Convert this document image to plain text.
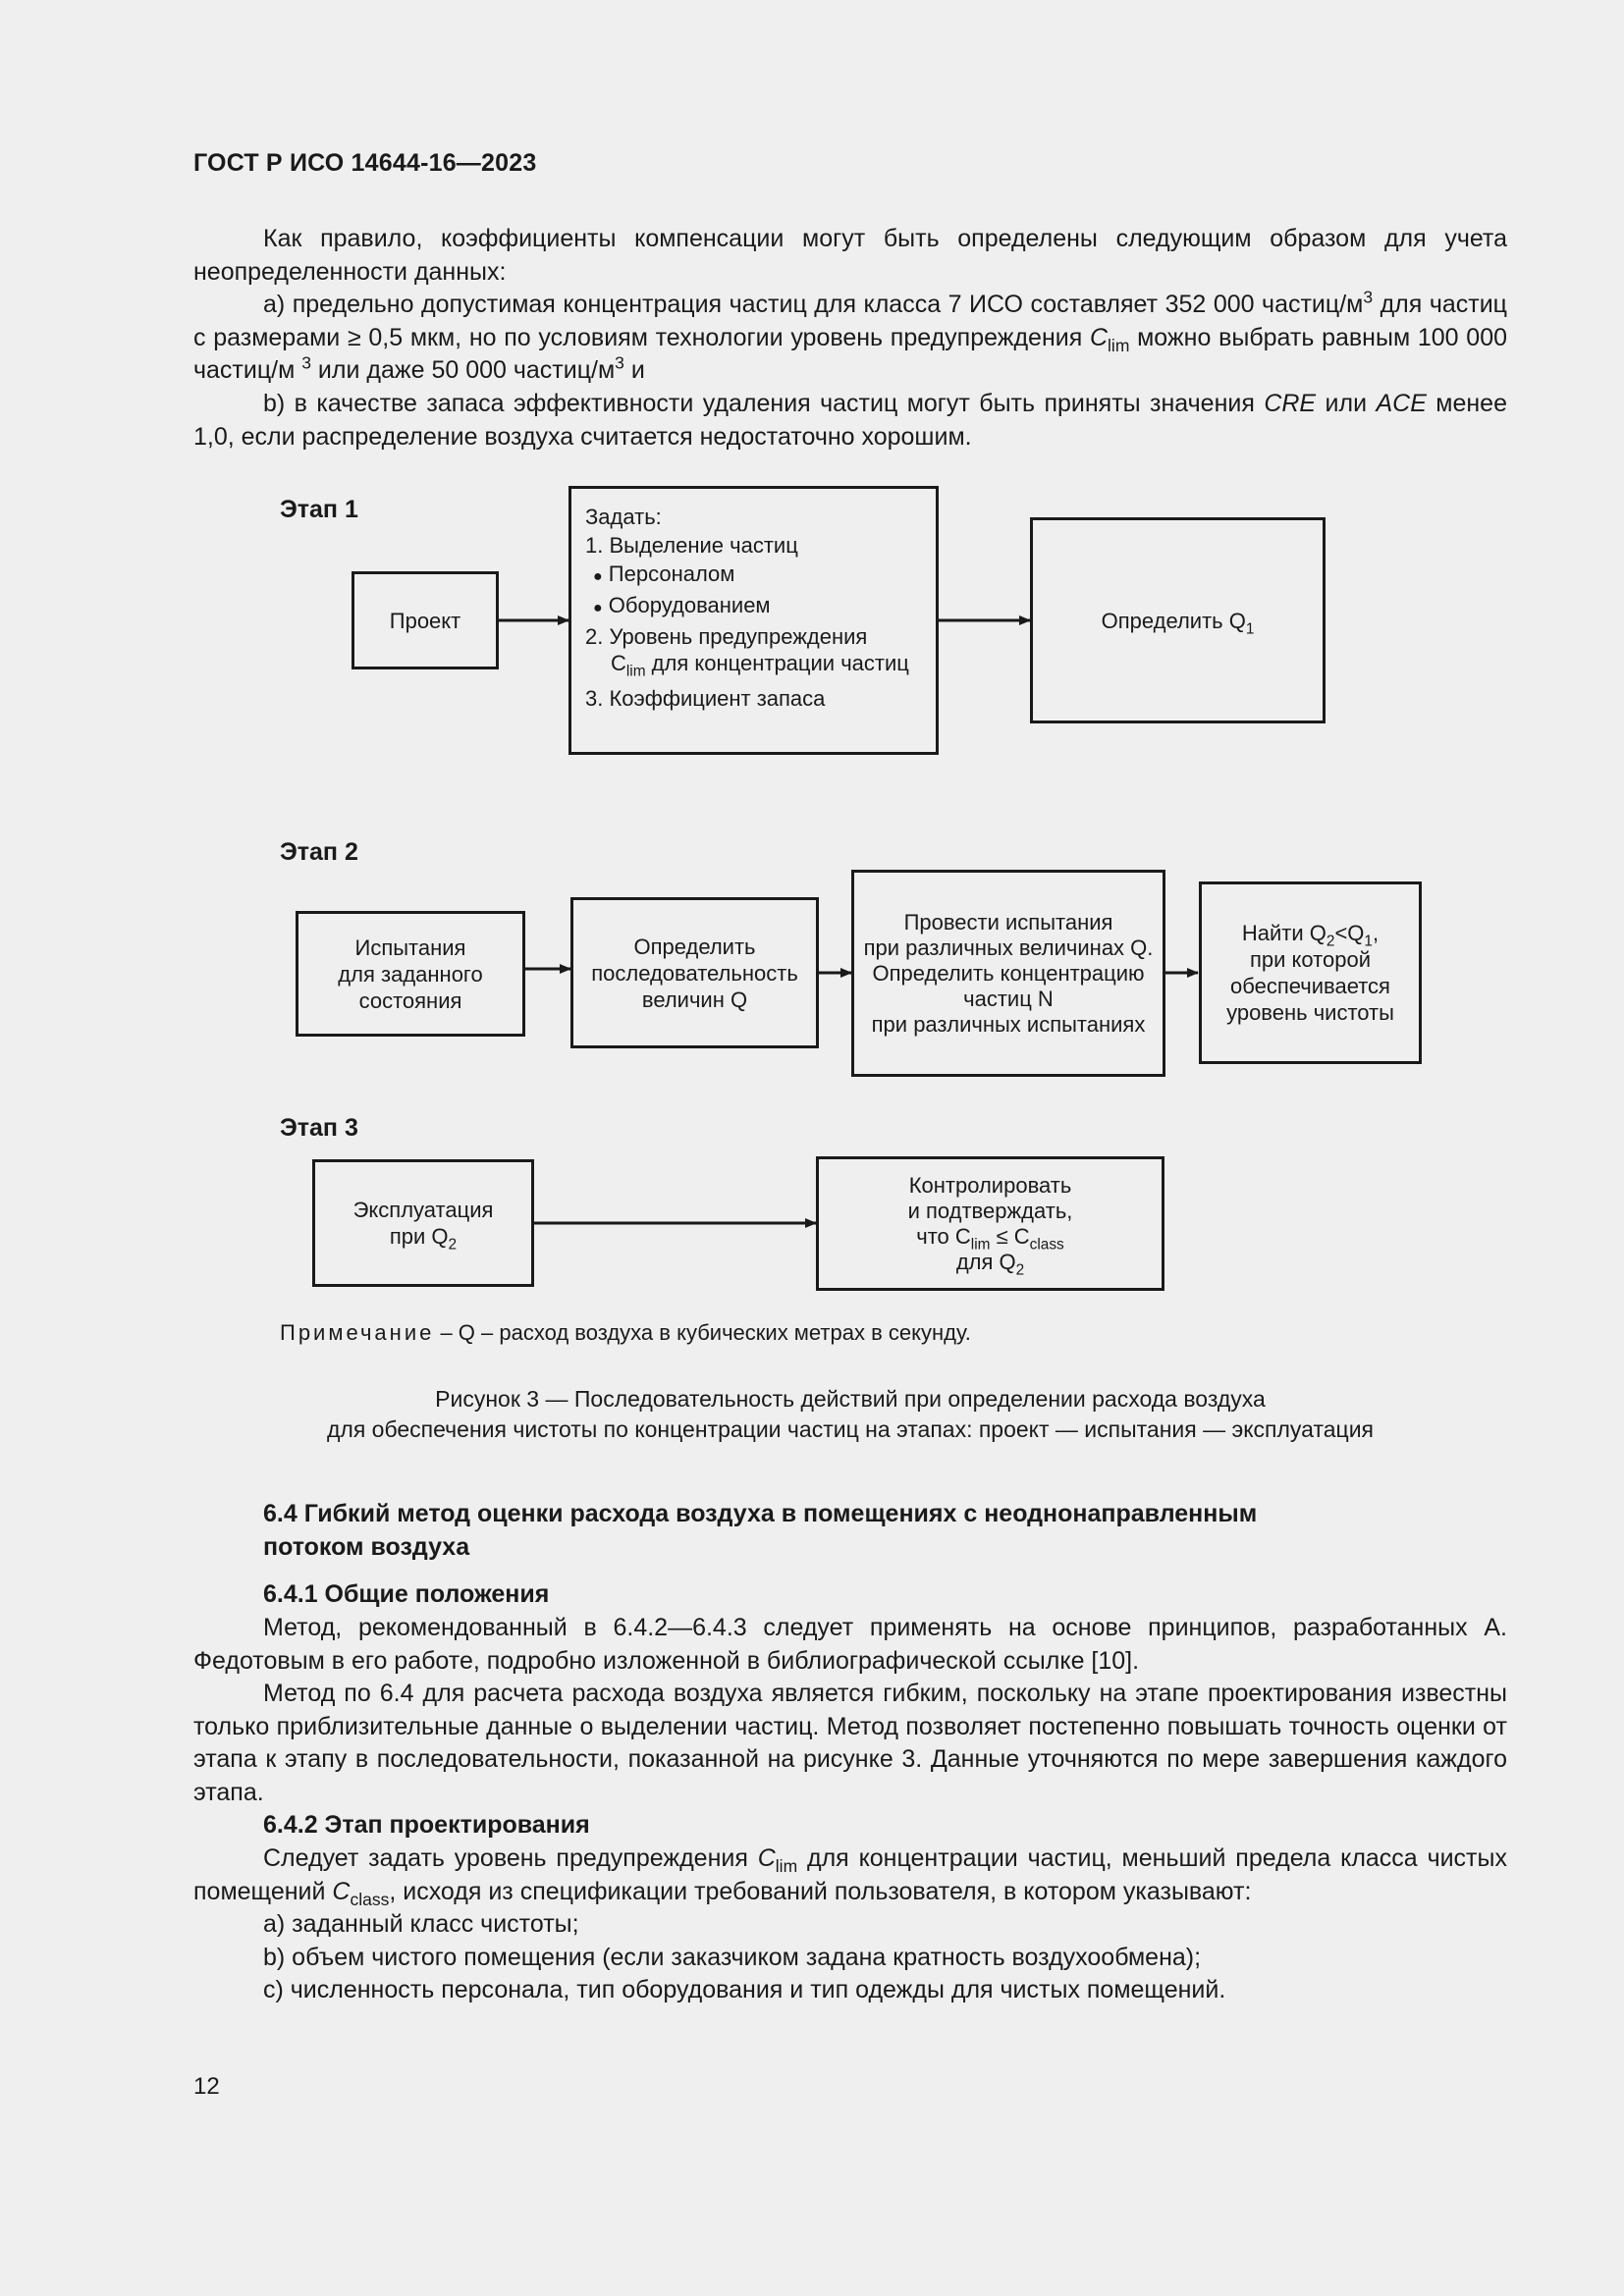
ГОСТ Р ИСО 14644-16—2023
Как правило, коэффициенты компенсации могут быть определены следующим образом для учета неопределенности данных:
a) предельно допустимая концентрация частиц для класса 7 ИСО составляет 352 000 частиц/$м^3$ для частиц с размерами ≥ 0,5 мкм, но по условиям технологии уровень предупреждения $C_{lim}$ можно выбрать равным 100 000 частиц/м $^3$ или даже 50 000 частиц/$м^3$ и
b) в качестве запаса эффективности удаления частиц могут быть приняты значения CRE или ACE менее 1,0, если распределение воздуха считается недостаточно хорошим.
Этап 1
Проект
Задать:
1. Выделение частиц
● Персоналом
● Оборудованием
2. Уровень предупреждения
$C_{lim}$ для концентрации частиц
3. Коэффициент запаса
Определить $Q_1$
Этап 2
Испытания
для заданного
состояния
Определить
последовательность
величин Q
Провести испытания
при различных величинах Q.
Определить концентрацию
частиц N
при различных испытаниях
Найти $Q_2<Q_1$,
при которой
обеспечивается
уровень чистоты
Этап 3
Эксплуатация
при $Q_2$
Контролировать
и подтверждать,
что $C_{lim} \le C_{class}$
для $Q_2$
Примечание – Q – расход воздуха в кубических метрах в секунду.
Рисунок 3 — Последовательность действий при определении расхода воздуха
для обеспечения чистоты по концентрации частиц на этапах: проект — испытания — эксплуатация
6.4 Гибкий метод оценки расхода воздуха в помещениях с неоднонаправленным
потоком воздуха
6.4.1 Общие положения
Метод, рекомендованный в 6.4.2—6.4.3 следует применять на основе принципов, разработанных А. Федотовым в его работе, подробно изложенной в библиографической ссылке [10].
Метод по 6.4 для расчета расхода воздуха является гибким, поскольку на этапе проектирования известны только приблизительные данные о выделении частиц. Метод позволяет постепенно повышать точность оценки от этапа к этапу в последовательности, показанной на рисунке 3. Данные уточняются по мере завершения каждого этапа.
6.4.2 Этап проектирования
Следует задать уровень предупреждения $C_{lim}$ для концентрации частиц, меньший предела класса чистых помещений $C_{class}$, исходя из спецификации требований пользователя, в котором указывают:
a) заданный класс чистоты;
b) объем чистого помещения (если заказчиком задана кратность воздухообмена);
c) численность персонала, тип оборудования и тип одежды для чистых помещений.
12
